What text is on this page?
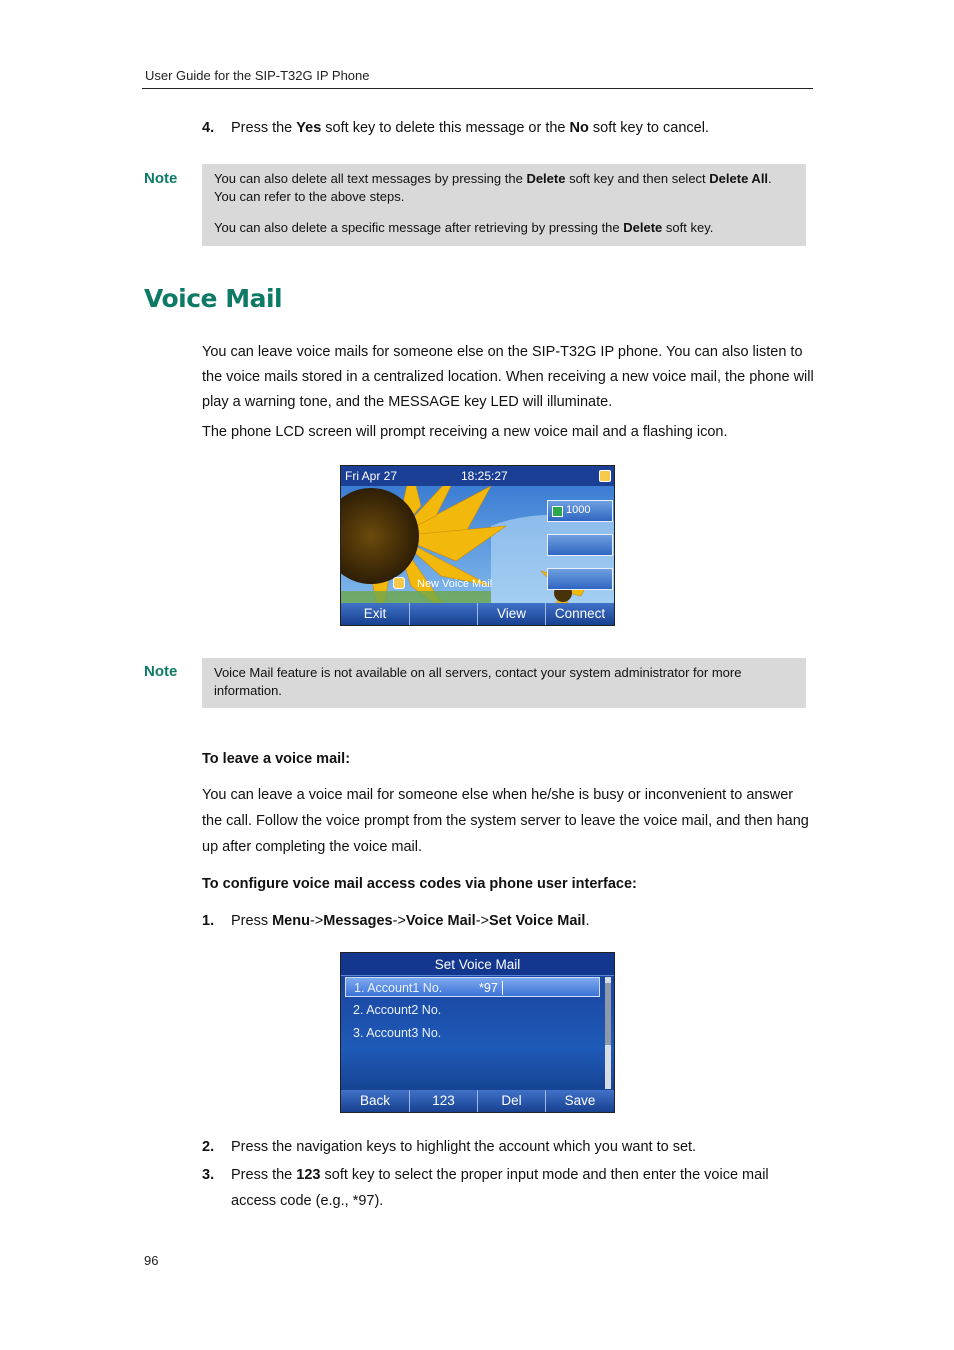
User Guide for the SIP-T32G IP Phone
4. Press the Yes soft key to delete this message or the No soft key to cancel.
Note	You can also delete all text messages by pressing the Delete soft key and then select Delete All. You can refer to the above steps.

You can also delete a specific message after retrieving by pressing the Delete soft key.

Voice Mail

You can leave voice mails for someone else on the SIP-T32G IP phone. You can also listen to the voice mails stored in a centralized location. When receiving a new voice mail, the phone will play a warning tone, and the MESSAGE key LED will illuminate.

The phone LCD screen will prompt receiving a new voice mail and a flashing icon.

Fri Apr 27	18:25:27
1000
New Voice Mail
Exit	View	Connect
Note	Voice Mail feature is not available on all servers, contact your system administrator for more information.

To leave a voice mail:

You can leave a voice mail for someone else when he/she is busy or inconvenient to answer the call. Follow the voice prompt from the system server to leave the voice mail, and then hang up after completing the voice mail.

To configure voice mail access codes via phone user interface:
1. Press Menu->Messages->Voice Mail->Set Voice Mail.
Set Voice Mail
1. Account1 No.	*97
2. Account2 No.
3. Account3 No.
Back	123	Del	Save
2. Press the navigation keys to highlight the account which you want to set.
3. Press the 123 soft key to select the proper input mode and then enter the voice mail access code (e.g., *97).
96
